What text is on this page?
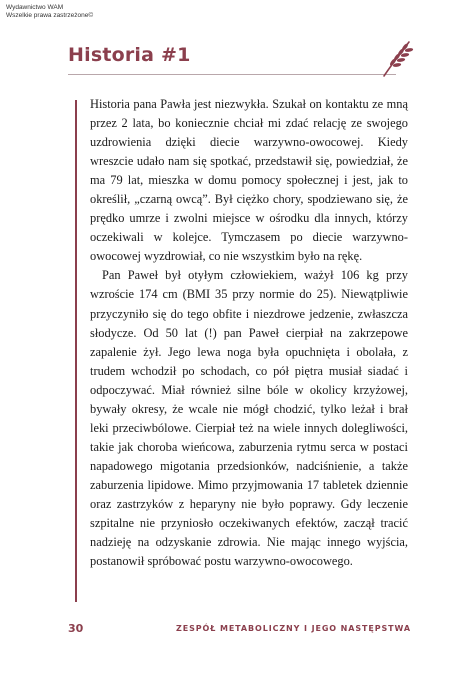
Wydawnictwo WAM
Wszelkie prawa zastrzeżone©
Historia #1

Historia pana Pawła jest niezwykła. Szukał on kontaktu ze mną przez 2 lata, bo koniecznie chciał mi zdać relację ze swojego uzdrowienia dzięki diecie warzywno-owocowej. Kiedy wreszcie udało nam się spotkać, przedstawił się, powiedział, że ma 79 lat, mieszka w domu pomocy społecznej i jest, jak to określił, „czarną owcą”. Był ciężko chory, spodziewano się, że prędko umrze i zwolni miejsce w ośrodku dla innych, którzy oczekiwali w kolejce. Tymczasem po diecie warzywno-owocowej wyzdrowiał, co nie wszystkim było na rękę.

Pan Paweł był otyłym człowiekiem, ważył 106 kg przy wzroście 174 cm (BMI 35 przy normie do 25). Niewątpliwie przyczyniło się do tego obfite i niezdrowe jedzenie, zwłaszcza słodycze. Od 50 lat (!) pan Paweł cierpiał na zakrzepowe zapalenie żył. Jego lewa noga była opuchnięta i obolała, z trudem wchodził po schodach, co pół piętra musiał siadać i odpoczywać. Miał również silne bóle w okolicy krzyżowej, bywały okresy, że wcale nie mógł chodzić, tylko leżał i brał leki przeciwbólowe. Cierpiał też na wiele innych dolegliwości, takie jak choroba wieńcowa, zaburzenia rytmu serca w postaci napadowego migotania przedsionków, nadciśnienie, a także zaburzenia lipidowe. Mimo przyjmowania 17 tabletek dziennie oraz zastrzyków z heparyny nie było poprawy. Gdy leczenie szpitalne nie przyniosło oczekiwanych efektów, zaczął tracić nadzieję na odzyskanie zdrowia. Nie mając innego wyjścia, postanowił spróbować postu warzywno-owocowego.

30	ZESPÓŁ METABOLICZNY I JEGO NASTĘPSTWA
